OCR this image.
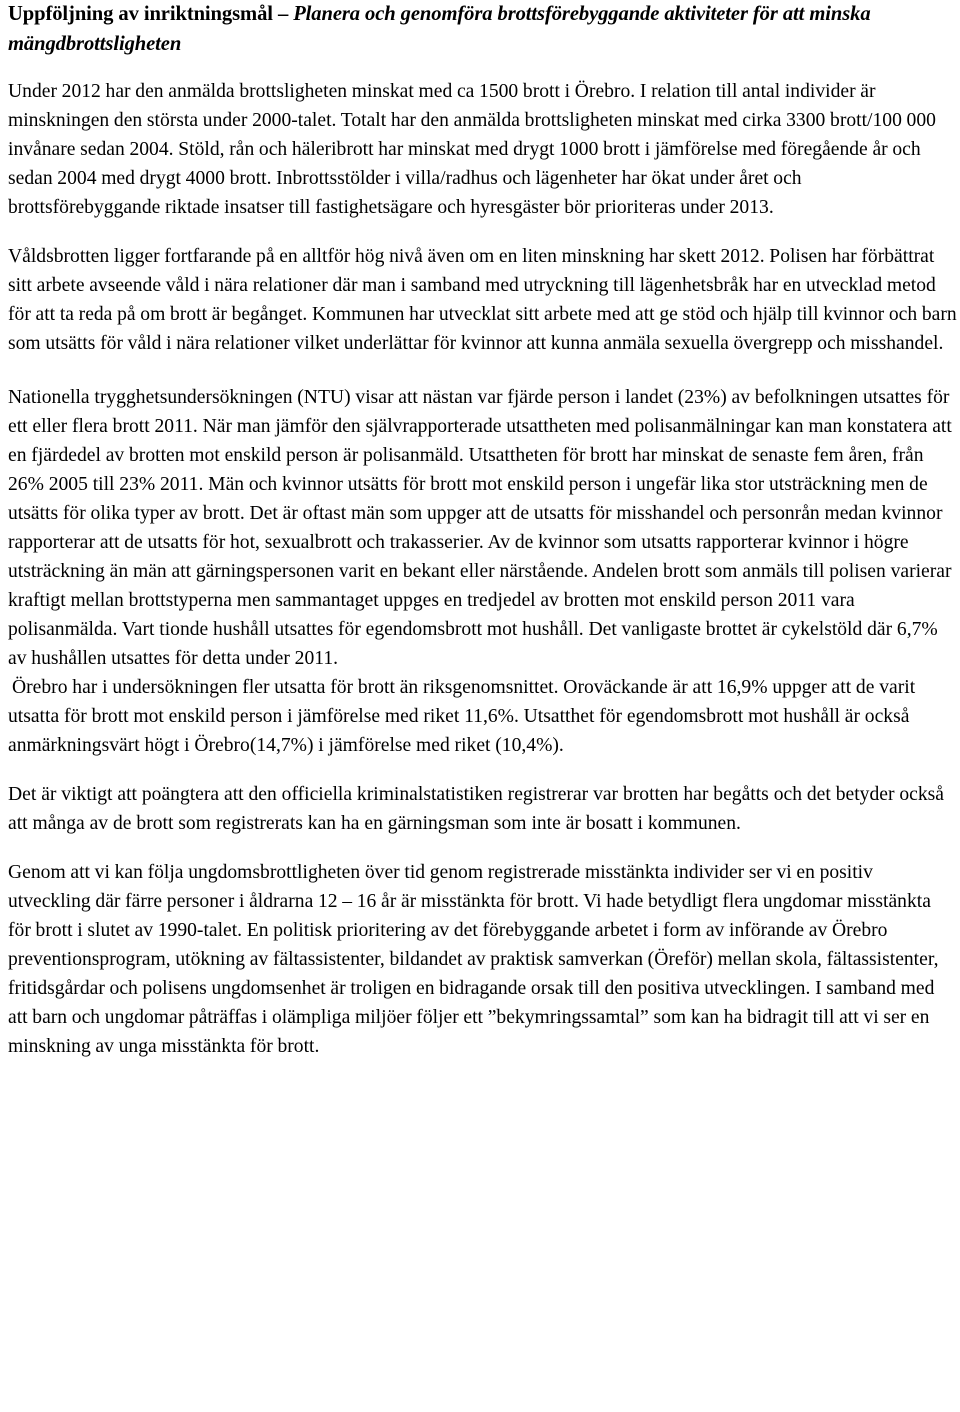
Uppföljning av inriktningsmål – Planera och genomföra brottsförebyggande aktiviteter för att minska mängdbrottsligheten

Under 2012 har den anmälda brottsligheten minskat med ca 1500 brott i Örebro. I relation till antal individer är minskningen den största under 2000-talet. Totalt har den anmälda brottsligheten minskat med cirka 3300 brott/100 000 invånare sedan 2004. Stöld, rån och häleribrott har minskat med drygt 1000 brott i jämförelse med föregående år och sedan 2004 med drygt 4000 brott. Inbrottsstölder i villa/radhus och lägenheter har ökat under året och brottsförebyggande riktade insatser till fastighetsägare och hyresgäster bör prioriteras under 2013.

Våldsbrotten ligger fortfarande på en alltför hög nivå även om en liten minskning har skett 2012. Polisen har förbättrat sitt arbete avseende våld i nära relationer där man i samband med utryckning till lägenhetsbråk har en utvecklad metod för att ta reda på om brott är begånget. Kommunen har utvecklat sitt arbete med att ge stöd och hjälp till kvinnor och barn som utsätts för våld i nära relationer vilket underlättar för kvinnor att kunna anmäla sexuella övergrepp och misshandel.

Nationella trygghetsundersökningen (NTU) visar att nästan var fjärde person i landet (23%) av befolkningen utsattes för ett eller flera brott 2011. När man jämför den självrapporterade utsattheten med polisanmälningar kan man konstatera att en fjärdedel av brotten mot enskild person är polisanmäld. Utsattheten för brott har minskat de senaste fem åren, från 26% 2005 till 23% 2011. Män och kvinnor utsätts för brott mot enskild person i ungefär lika stor utsträckning men de utsätts för olika typer av brott. Det är oftast män som uppger att de utsatts för misshandel och personrån medan kvinnor rapporterar att de utsatts för hot, sexualbrott och trakasserier. Av de kvinnor som utsatts rapporterar kvinnor i högre utsträckning än män att gärningspersonen varit en bekant eller närstående. Andelen brott som anmäls till polisen varierar kraftigt mellan brottstyperna men sammantaget uppges en tredjedel av brotten mot enskild person 2011 vara polisanmälda. Vart tionde hushåll utsattes för egendomsbrott mot hushåll. Det vanligaste brottet är cykelstöld där 6,7% av hushållen utsattes för detta under 2011.

Örebro har i undersökningen fler utsatta för brott än riksgenomsnittet. Oroväckande är att 16,9% uppger att de varit utsatta för brott mot enskild person i jämförelse med riket 11,6%. Utsatthet för egendomsbrott mot hushåll är också anmärkningsvärt högt i Örebro(14,7%) i jämförelse med riket (10,4%).

Det är viktigt att poängtera att den officiella kriminalstatistiken registrerar var brotten har begåtts och det betyder också att många av de brott som registrerats kan ha en gärningsman som inte är bosatt i kommunen.

Genom att vi kan följa ungdomsbrottligheten över tid genom registrerade misstänkta individer ser vi en positiv utveckling där färre personer i åldrarna 12 – 16 år är misstänkta för brott. Vi hade betydligt flera ungdomar misstänkta för brott i slutet av 1990-talet. En politisk prioritering av det förebyggande arbetet i form av införande av Örebro preventionsprogram, utökning av fältassistenter, bildandet av praktisk samverkan (Öreför) mellan skola, fältassistenter, fritidsgårdar och polisens ungdomsenhet är troligen en bidragande orsak till den positiva utvecklingen. I samband med att barn och ungdomar påträffas i olämpliga miljöer följer ett ”bekymringssamtal” som kan ha bidragit till att vi ser en minskning av unga misstänkta för brott.
